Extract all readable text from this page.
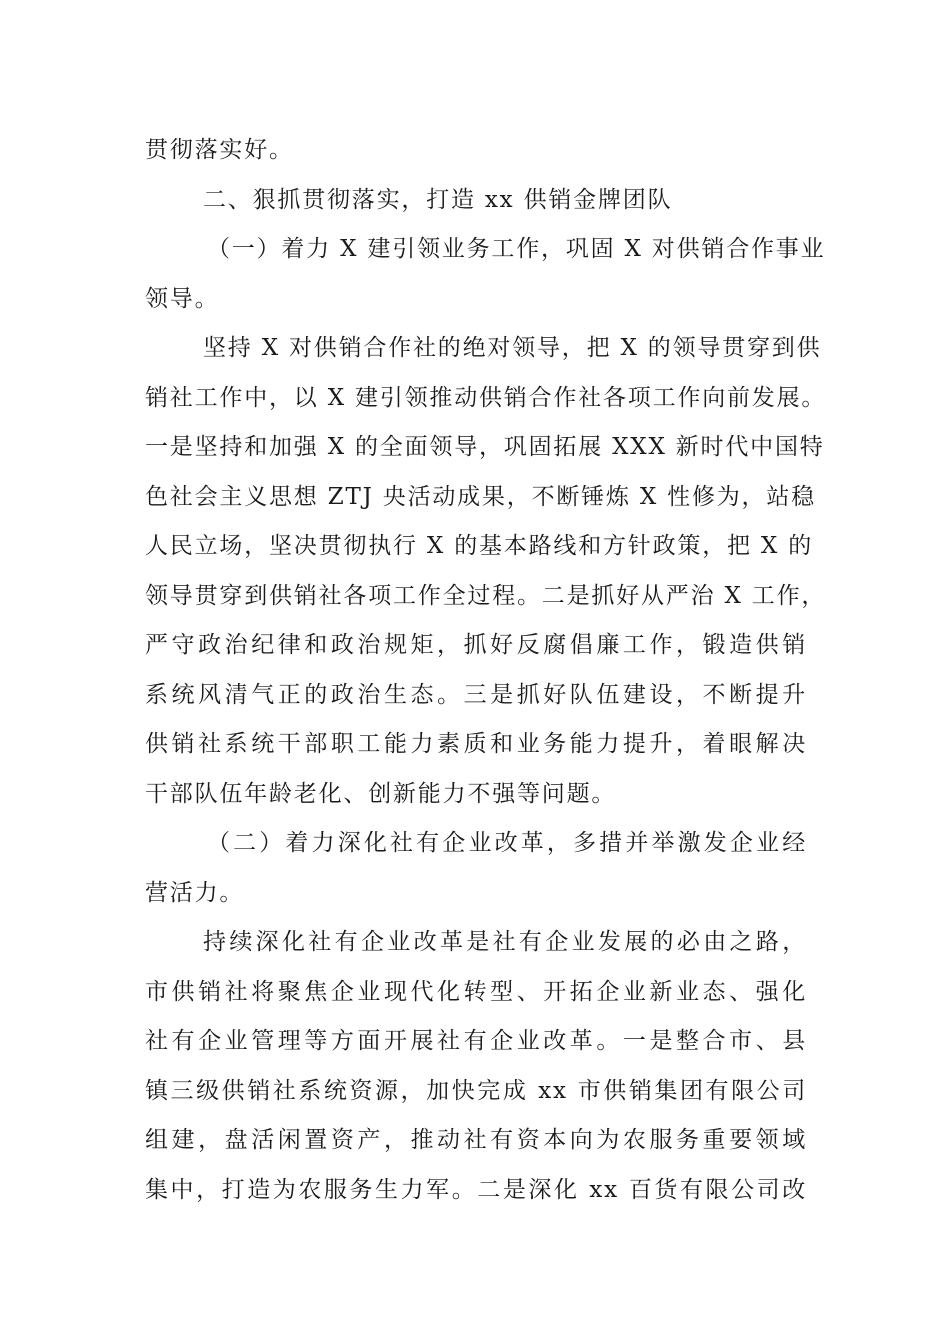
贯彻落实好。
二、狠抓贯彻落实，打造 xx 供销金牌团队
（一）着力 X 建引领业务工作，巩固 X 对供销合作事业
领导。
坚持 X 对供销合作社的绝对领导，把 X 的领导贯穿到供
销社工作中，以 X 建引领推动供销合作社各项工作向前发展。
一是坚持和加强 X 的全面领导，巩固拓展 XXX 新时代中国特
色社会主义思想 ZTJ 央活动成果，不断锤炼 X 性修为，站稳
人民立场，坚决贯彻执行 X 的基本路线和方针政策，把 X 的
领导贯穿到供销社各项工作全过程。二是抓好从严治 X 工作，
严守政治纪律和政治规矩，抓好反腐倡廉工作，锻造供销
系统风清气正的政治生态。三是抓好队伍建设，不断提升
供销社系统干部职工能力素质和业务能力提升，着眼解决
干部队伍年龄老化、创新能力不强等问题。
（二）着力深化社有企业改革，多措并举激发企业经
营活力。
持续深化社有企业改革是社有企业发展的必由之路，
市供销社将聚焦企业现代化转型、开拓企业新业态、强化
社有企业管理等方面开展社有企业改革。一是整合市、县
镇三级供销社系统资源，加快完成 xx 市供销集团有限公司
组建，盘活闲置资产，推动社有资本向为农服务重要领域
集中，打造为农服务生力军。二是深化 xx 百货有限公司改
